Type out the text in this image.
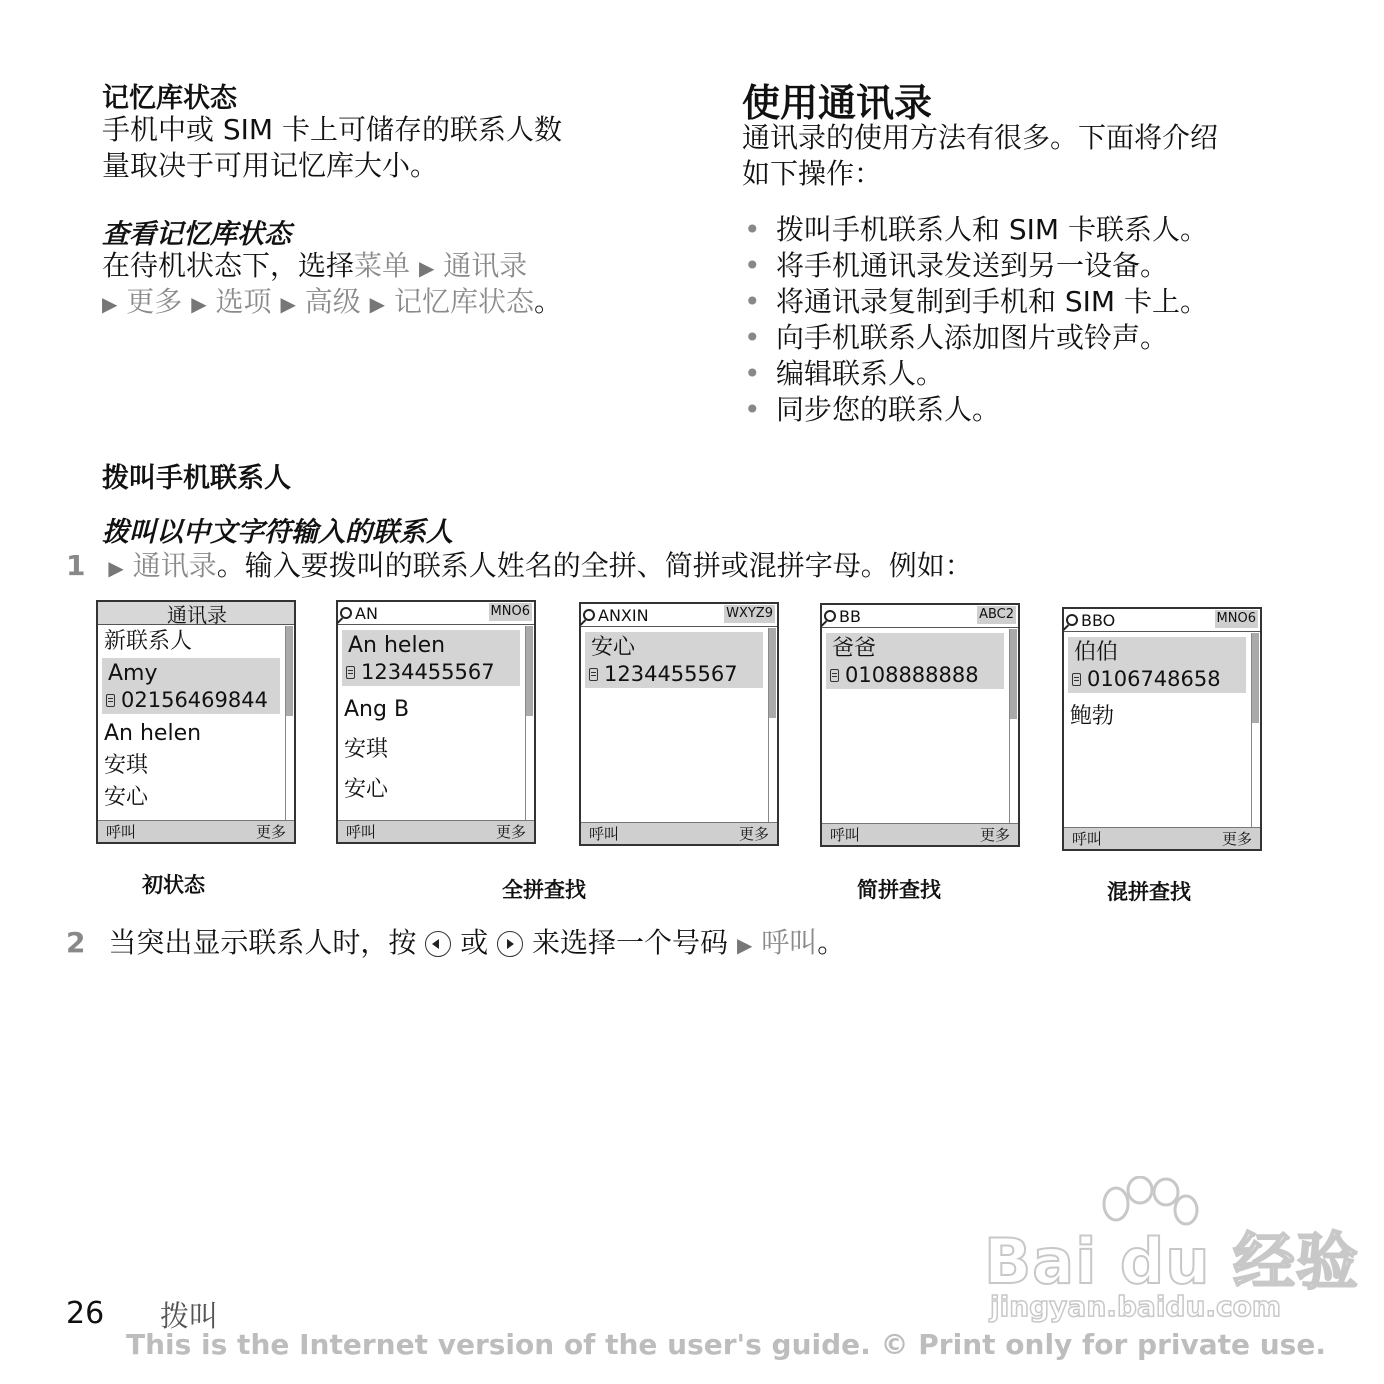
记忆库状态
手机中或 SIM 卡上可储存的联系人数
量取决于可用记忆库大小。
查看记忆库状态
在待机状态下，选择菜单 ▶ 通讯录
▶ 更多 ▶ 选项 ▶ 高级 ▶ 记忆库状态。
使用通讯录
通讯录的使用方法有很多。下面将介绍
如下操作：
• 拨叫手机联系人和 SIM 卡联系人。
• 将手机通讯录发送到另一设备。
• 将通讯录复制到手机和 SIM 卡上。
• 向手机联系人添加图片或铃声。
• 编辑联系人。
• 同步您的联系人。
拨叫手机联系人
拨叫以中文字符输入的联系人
1 ▶ 通讯录。输入要拨叫的联系人姓名的全拼、简拼或混拼字母。例如：
通讯录
新联系人
Amy
02156469844
An helen
安琪
安心
呼叫	更多
AN	MNO6
An helen
1234455567
Ang B
安琪
安心
呼叫	更多
ANXIN	WXYZ9
安心
1234455567
呼叫	更多
BB	ABC2
爸爸
0108888888
呼叫	更多
BBO	MNO6
伯伯
0106748658
鲍勃
呼叫	更多
初状态	全拼查找	简拼查找	混拼查找
2 当突出显示联系人时，按 或 来选择一个号码 ▶ 呼叫。
Bai du 经验
jingyan.baidu.com
26 拨叫
This is the Internet version of the user's guide. © Print only for private use.
